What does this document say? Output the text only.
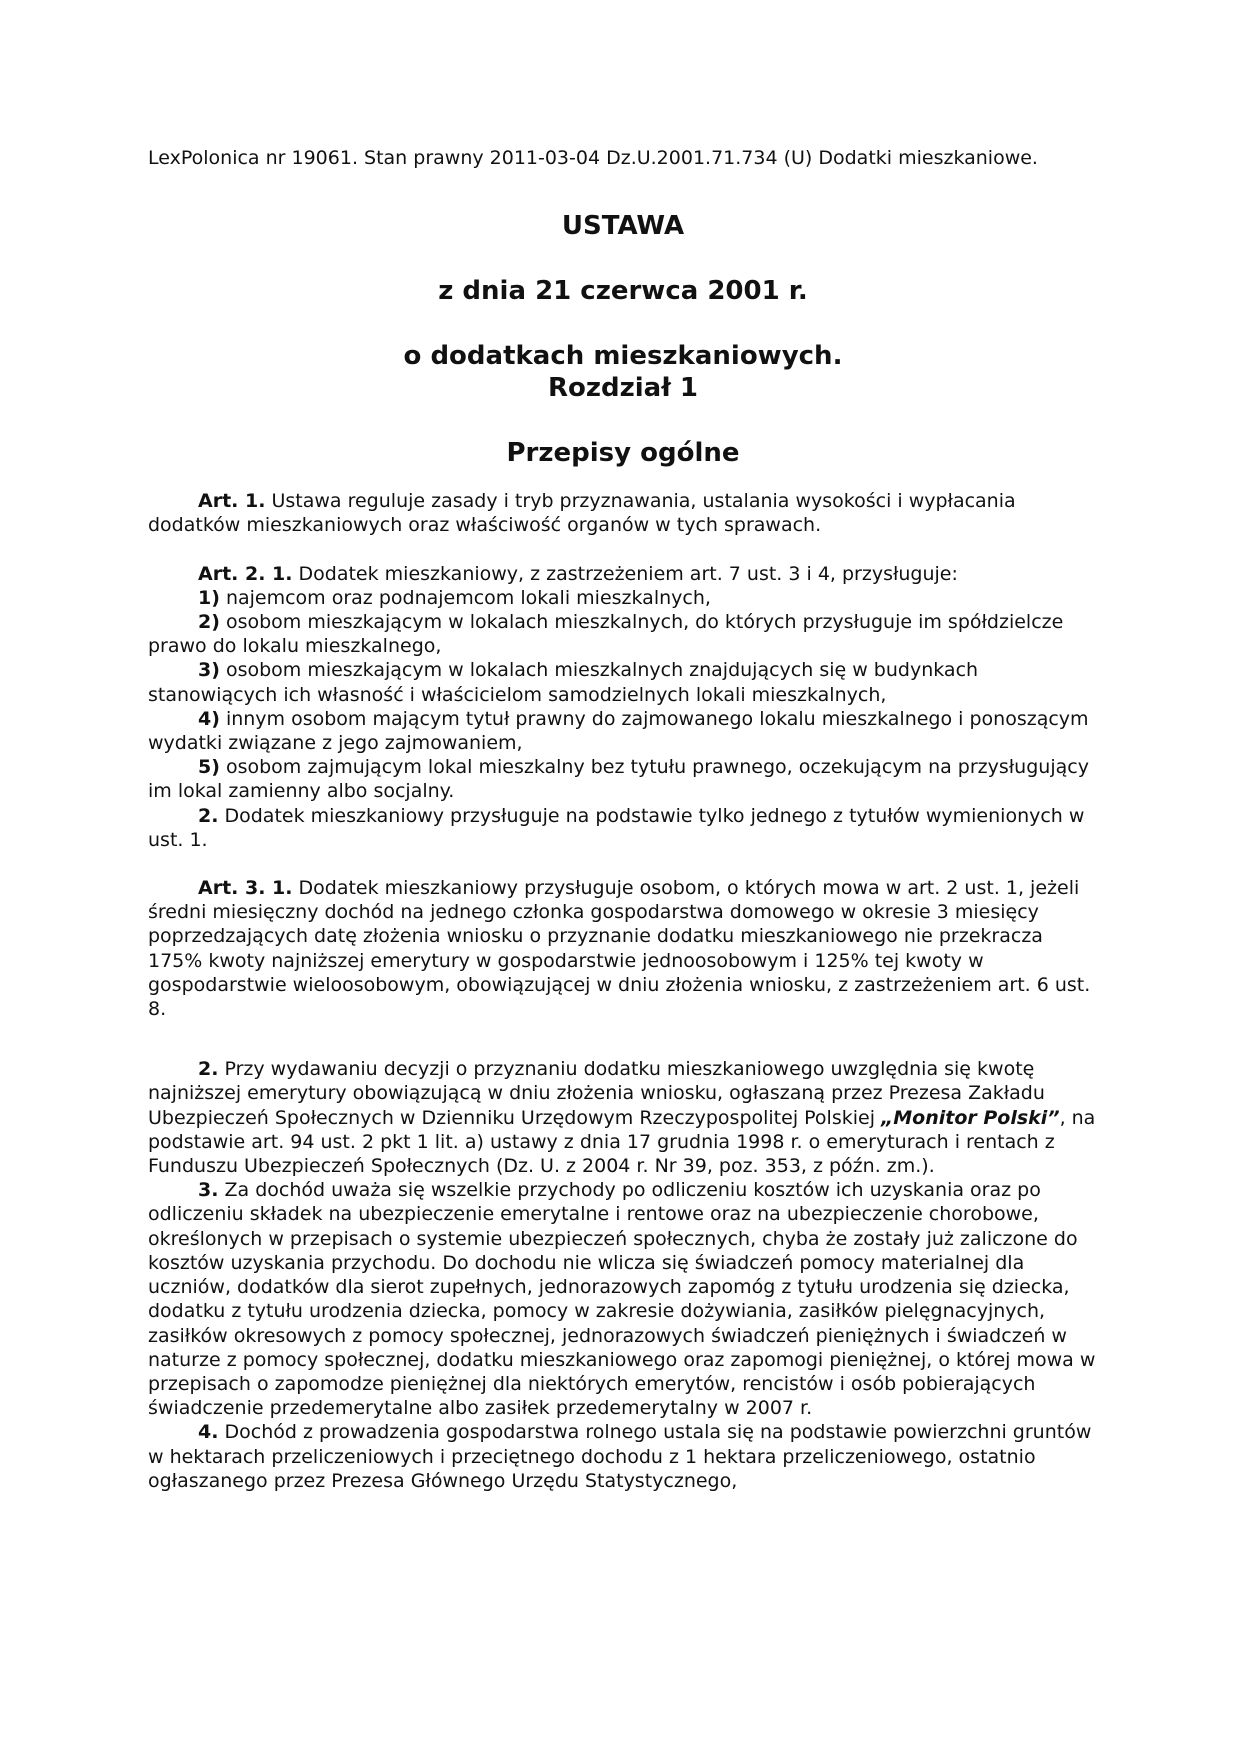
LexPolonica nr 19061. Stan prawny 2011-03-04 Dz.U.2001.71.734 (U) Dodatki mieszkaniowe.

USTAWA

z dnia 21 czerwca 2001 r.

o dodatkach mieszkaniowych.

Rozdział 1

Przepisy ogólne

Art. 1. Ustawa reguluje zasady i tryb przyznawania, ustalania wysokości i wypłacania dodatków mieszkaniowych oraz właściwość organów w tych sprawach.

Art. 2. 1. Dodatek mieszkaniowy, z zastrzeżeniem art. 7 ust. 3 i 4, przysługuje:

1) najemcom oraz podnajemcom lokali mieszkalnych,

2) osobom mieszkającym w lokalach mieszkalnych, do których przysługuje im spółdzielcze prawo do lokalu mieszkalnego,

3) osobom mieszkającym w lokalach mieszkalnych znajdujących się w budynkach stanowiących ich własność i właścicielom samodzielnych lokali mieszkalnych,

4) innym osobom mającym tytuł prawny do zajmowanego lokalu mieszkalnego i ponoszącym wydatki związane z jego zajmowaniem,

5) osobom zajmującym lokal mieszkalny bez tytułu prawnego, oczekującym na przysługujący im lokal zamienny albo socjalny.

2. Dodatek mieszkaniowy przysługuje na podstawie tylko jednego z tytułów wymienionych w ust. 1.

Art. 3. 1. Dodatek mieszkaniowy przysługuje osobom, o których mowa w art. 2 ust. 1, jeżeli średni miesięczny dochód na jednego członka gospodarstwa domowego w okresie 3 miesięcy poprzedzających datę złożenia wniosku o przyznanie dodatku mieszkaniowego nie przekracza 175% kwoty najniższej emerytury w gospodarstwie jednoosobowym i 125% tej kwoty w gospodarstwie wieloosobowym, obowiązującej w dniu złożenia wniosku, z zastrzeżeniem art. 6 ust. 8.

2. Przy wydawaniu decyzji o przyznaniu dodatku mieszkaniowego uwzględnia się kwotę najniższej emerytury obowiązującą w dniu złożenia wniosku, ogłaszaną przez Prezesa Zakładu Ubezpieczeń Społecznych w Dzienniku Urzędowym Rzeczypospolitej Polskiej „Monitor Polski”, na podstawie art. 94 ust. 2 pkt 1 lit. a) ustawy z dnia 17 grudnia 1998 r. o emeryturach i rentach z Funduszu Ubezpieczeń Społecznych (Dz. U. z 2004 r. Nr 39, poz. 353, z późn. zm.).

3. Za dochód uważa się wszelkie przychody po odliczeniu kosztów ich uzyskania oraz po odliczeniu składek na ubezpieczenie emerytalne i rentowe oraz na ubezpieczenie chorobowe, określonych w przepisach o systemie ubezpieczeń społecznych, chyba że zostały już zaliczone do kosztów uzyskania przychodu. Do dochodu nie wlicza się świadczeń pomocy materialnej dla uczniów, dodatków dla sierot zupełnych, jednorazowych zapomóg z tytułu urodzenia się dziecka, dodatku z tytułu urodzenia dziecka, pomocy w zakresie dożywiania, zasiłków pielęgnacyjnych, zasiłków okresowych z pomocy społecznej, jednorazowych świadczeń pieniężnych i świadczeń w naturze z pomocy społecznej, dodatku mieszkaniowego oraz zapomogi pieniężnej, o której mowa w przepisach o zapomodze pieniężnej dla niektórych emerytów, rencistów i osób pobierających świadczenie przedemerytalne albo zasiłek przedemerytalny w 2007 r.

4. Dochód z prowadzenia gospodarstwa rolnego ustala się na podstawie powierzchni gruntów w hektarach przeliczeniowych i przeciętnego dochodu z 1 hektara przeliczeniowego, ostatnio ogłaszanego przez Prezesa Głównego Urzędu Statystycznego,
